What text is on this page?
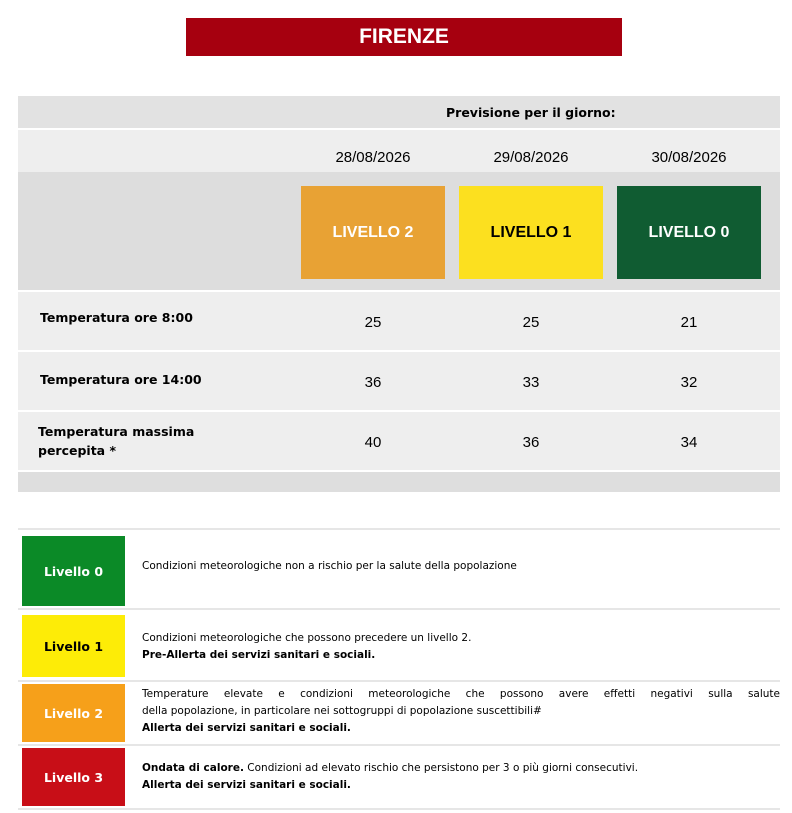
FIRENZE
Previsione per il giorno:
28/08/2026	29/08/2026	30/08/2026
LIVELLO 2	LIVELLO 1	LIVELLO 0
Temperatura ore 8:00	25	25	21
Temperatura ore 14:00	36	33	32
Temperatura massima
percepita *	40	36	34
Livello 0	Condizioni meteorologiche non a rischio per la salute della popolazione
Livello 1
Condizioni meteorologiche che possono precedere un livello 2.
Pre-Allerta dei servizi sanitari e sociali.
Livello 2
Temperature elevate e condizioni meteorologiche che possono avere effetti negativi sulla salute
della popolazione, in particolare nei sottogruppi di popolazione suscettibili#
Allerta dei servizi sanitari e sociali.
Livello 3
Ondata di calore. Condizioni ad elevato rischio che persistono per 3 o più giorni consecutivi.
Allerta dei servizi sanitari e sociali.
